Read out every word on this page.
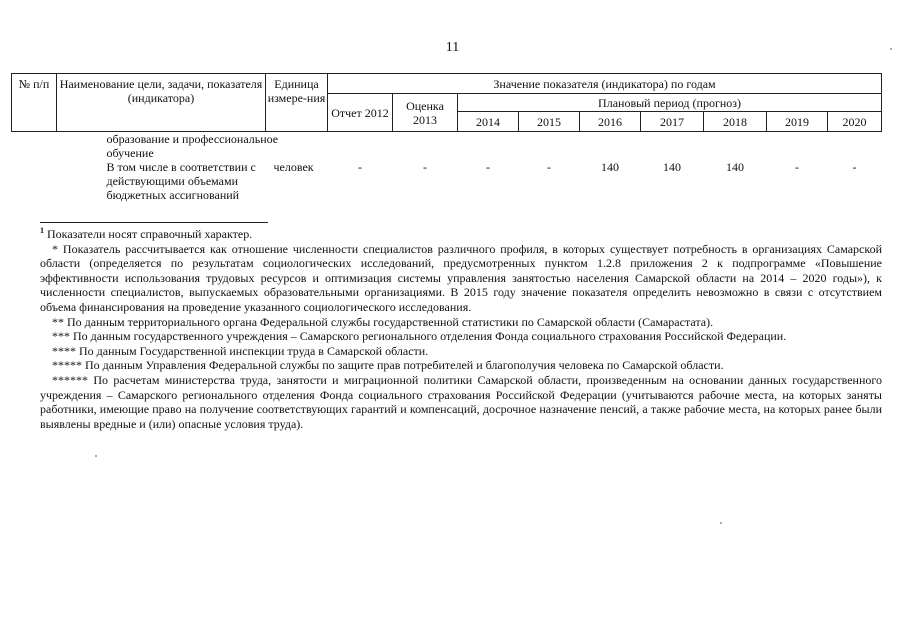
11
№ п/п	Наименование цели, задачи, показателя (индикатора)	Единица измере-ния	Значение показателя (индикатора) по годам								
			Отчет 2012	Оценка 2013	Плановый период (прогноз)						
					2014	2015	2016	2017	2018	2019	2020
	образование и профессиональное обучение										
	В том числе в соответствии с действующими объемами бюджетных ассигнований	человек	-	-	-	-	140	140	140	-	-

$^1$ Показатели носят справочный характер.

* Показатель рассчитывается как отношение численности специалистов различного профиля, в которых существует потребность в организациях Самарской области (определяется по результатам социологических исследований, предусмотренных пунктом 1.2.8 приложения 2 к подпрограмме «Повышение эффективности использования трудовых ресурсов и оптимизация системы управления занятостью населения Самарской области на 2014 – 2020 годы»), к численности специалистов, выпускаемых образовательными организациями. В 2015 году значение показателя определить невозможно в связи с отсутствием объема финансирования на проведение указанного социологического исследования.

** По данным территориального органа Федеральной службы государственной статистики по Самарской области (Самарастата).

*** По данным государственного учреждения – Самарского регионального отделения Фонда социального страхования Российской Федерации.

**** По данным Государственной инспекции труда в Самарской области.

***** По данным Управления Федеральной службы по защите прав потребителей и благополучия человека по Самарской области.

****** По расчетам министерства труда, занятости и миграционной политики Самарской области, произведенным на основании данных государственного учреждения – Самарского регионального отделения Фонда социального страхования Российской Федерации (учитываются рабочие места, на которых заняты работники, имеющие право на получение соответствующих гарантий и компенсаций, досрочное назначение пенсий, а также рабочие места, на которых ранее были выявлены вредные и (или) опасные условия труда).
